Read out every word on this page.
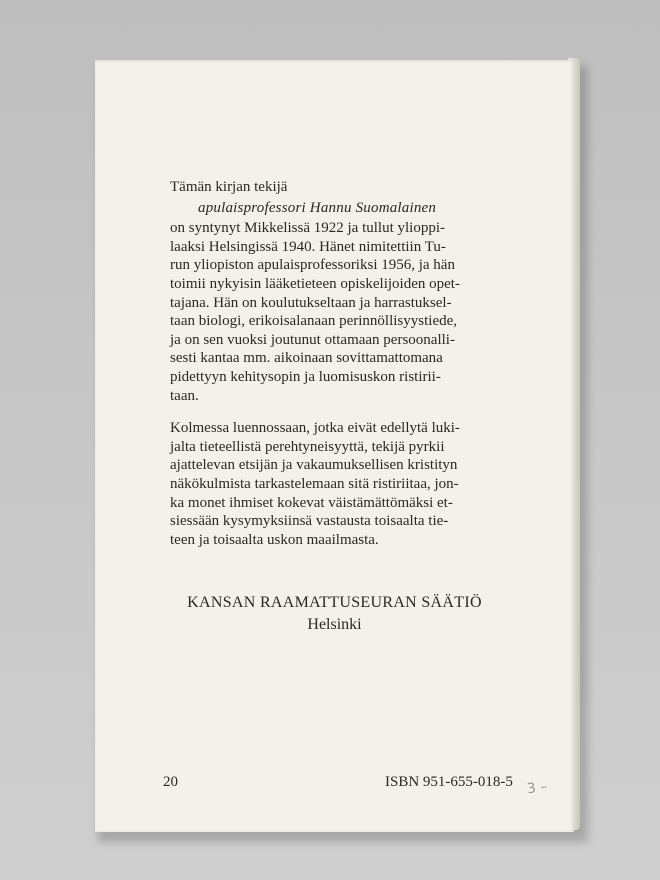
Tämän kirjan tekijä

apulaisprofessori Hannu Suomalainen

on syntynyt Mikkelissä 1922 ja tullut ylioppi-
laaksi Helsingissä 1940. Hänet nimitettiin Tu-
run yliopiston apulaisprofessoriksi 1956, ja hän
toimii nykyisin lääketieteen opiskelijoiden opet-
tajana. Hän on koulutukseltaan ja harrastuksel-
taan biologi, erikoisalanaan perinnöllisyystiede,
ja on sen vuoksi joutunut ottamaan persoonalli-
sesti kantaa mm. aikoinaan sovittamattomana
pidettyyn kehitysopin ja luomisuskon ristirii-
taan.

Kolmessa luennossaan, jotka eivät edellytä luki-
jalta tieteellistä perehtyneisyyttä, tekijä pyrkii
ajattelevan etsijän ja vakaumuksellisen kristityn
näkökulmista tarkastelemaan sitä ristiriitaa, jon-
ka monet ihmiset kokevat väistämättömäksi et-
siessään kysymyksiinsä vastausta toisaalta tie-
teen ja toisaalta uskon maailmasta.

KANSAN RAAMATTUSEURAN SÄÄTIÖ
Helsinki
20	ISBN 951-655-018-5 3 –
